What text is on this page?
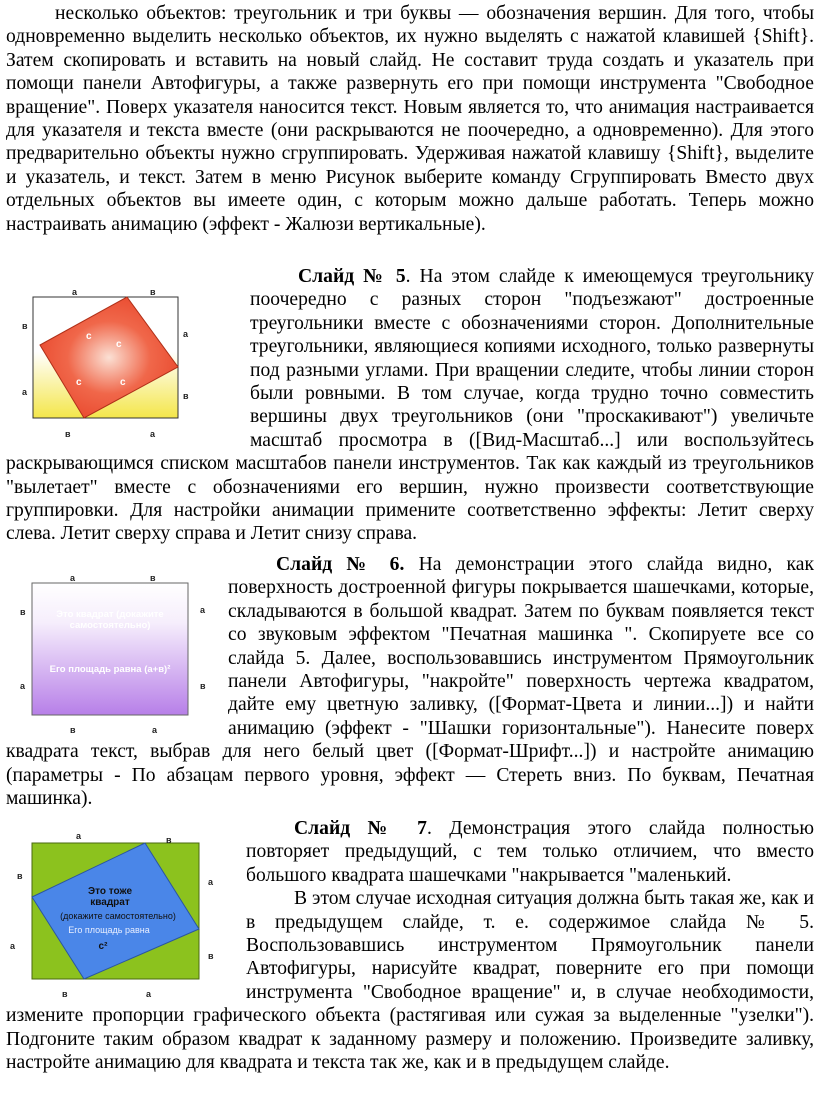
несколько объектов: треугольник и три буквы — обозначения вершин. Для того, чтобы одновременно выделить несколько объектов, их нужно выделять с нажатой клавишей {Shift}. Затем скопировать и вставить на новый слайд. Не составит труда создать и указатель при помощи панели Автофигуры, а также развернуть его при помощи инструмента "Свободное вращение". Поверх указателя наносится текст. Новым является то, что анимация настраивается для указателя и текста вместе (они раскрываются не поочередно, а одновременно). Для этого предварительно объекты нужно сгруппировать. Удерживая нажатой клавишу {Shift}, выделите и указатель, и текст. Затем в меню Рисунок выберите команду Сгруппировать Вместо двух отдельных объектов вы имеете один, с которым можно дальше работать. Теперь можно настраивать анимацию (эффект - Жалюзи вертикальные).

а	в
в
а
а	в
в	а
с
с
с	с

Слайд № 5. На этом слайде к имеющемуся треугольнику поочередно с разных сторон "подъезжают" достроенные треугольники вместе с обозначениями сторон. Дополнительные треугольники, являющиеся копиями исходного, только развернуты под разными углами. При вращении следите, чтобы линии сторон были ровными. В том случае, когда трудно точно совместить вершины двух треугольников (они "проскакивают") увеличьте масштаб просмотра в ([Вид-Масштаб...] или воспользуйтесь раскрывающимся списком масштабов панели инструментов. Так как каждый из треугольников "вылетает" вместе с обозначениями его вершин, нужно произвести соответствующие группировки. Для настройки анимации примените соответственно эффекты: Летит сверху слева. Летит сверху справа и Летит снизу справа.

а	в
в	а
а	в
в	а
Это квадрат (докажите самостоятельно)
Его площадь равна (а+в)²

Слайд № 6. На демонстрации этого слайда видно, как поверхность достроенной фигуры покрывается шашечками, которые, складываются в большой квадрат. Затем по буквам появляется текст со звуковым эффектом "Печатная машинка ". Скопируете все со слайда 5. Далее, воспользовавшись инструментом Прямоугольник панели Автофигуры, "накройте" поверхность чертежа квадратом, дайте ему цветную заливку, ([Формат-Цвета и линии...]) и найти анимацию (эффект - "Шашки горизонтальные"). Нанесите поверх квадрата текст, выбрав для него белый цвет ([Формат-Шрифт...]) и настройте анимацию (параметры - По абзацам первого уровня, эффект — Стереть вниз. По буквам, Печатная машинка).

а	в
в
а
а
в
в	а
Это тоже квадрат
(докажите самостоятельно)
Его площадь равна
с²

Слайд № 7. Демонстрация этого слайда полностью повторяет предыдущий, с тем только отличием, что вместо большого квадрата шашечками "накрывается "маленький.

В этом случае исходная ситуация должна быть такая же, как и в предыдущем слайде, т. е. содержимое слайда № 5. Воспользовавшись инструментом Прямоугольник панели Автофигуры, нарисуйте квадрат, поверните его при помощи инструмента "Свободное вращение" и, в случае необходимости, измените пропорции графического объекта (растягивая или сужая за выделенные "узелки"). Подгоните таким образом квадрат к заданному размеру и положению. Произведите заливку, настройте анимацию для квадрата и текста так же, как и в предыдущем слайде.
